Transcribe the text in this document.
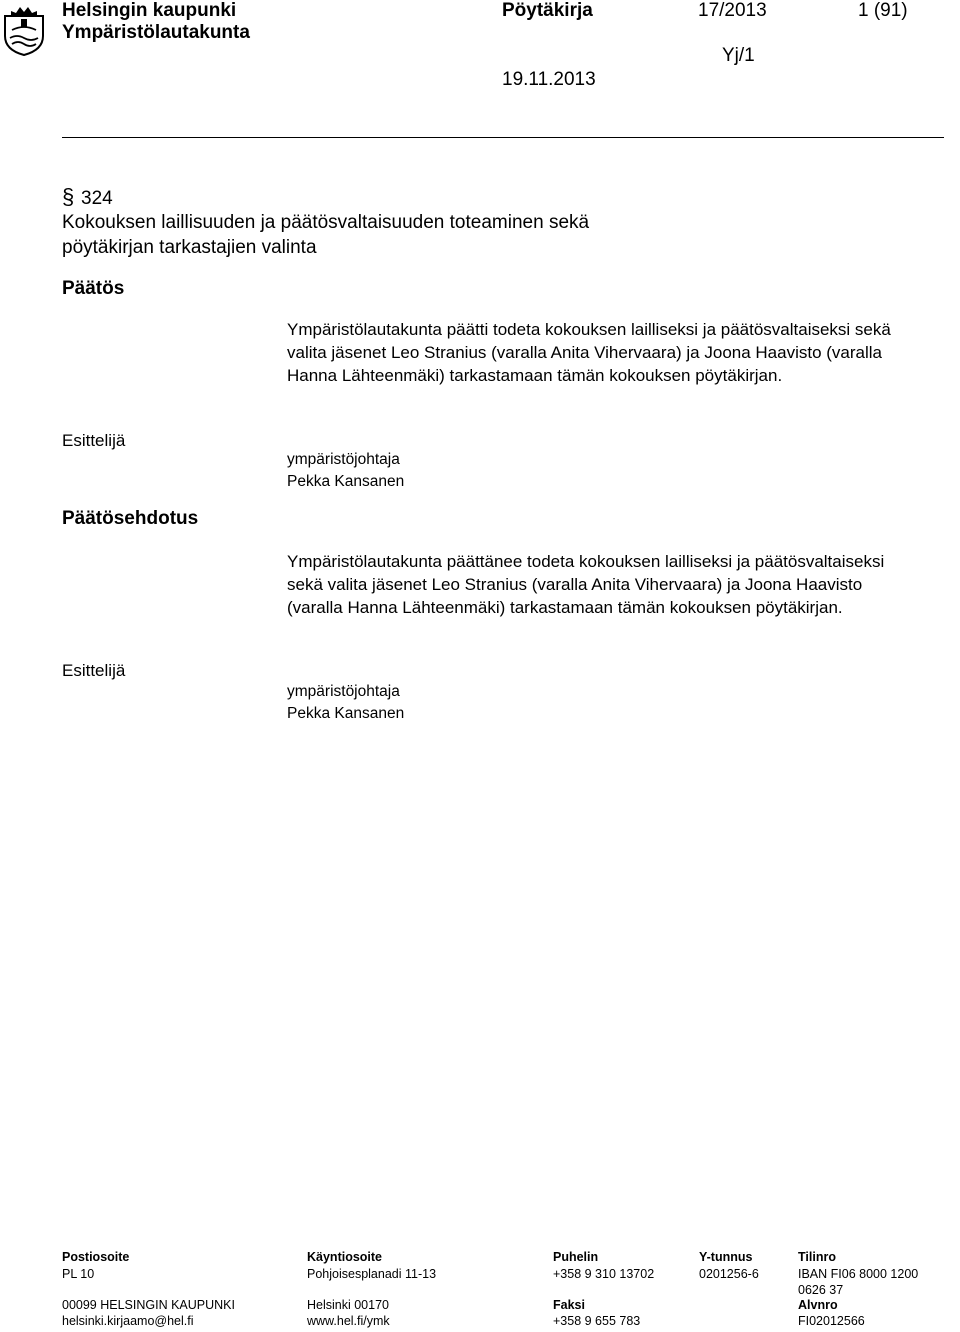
Helsingin kaupunki
Ympäristölautakunta
Pöytäkirja	17/2013	1 (91)
Yj/1
19.11.2013
§ 324
Kokouksen laillisuuden ja päätösvaltaisuuden toteaminen sekä
pöytäkirjan tarkastajien valinta
Päätös
Ympäristölautakunta päätti todeta kokouksen lailliseksi ja päätösvaltaiseksi sekä valita jäsenet Leo Stranius (varalla Anita Vihervaara) ja Joona Haavisto (varalla Hanna Lähteenmäki) tarkastamaan tämän kokouksen pöytäkirjan.
Esittelijä
ympäristöjohtaja
Pekka Kansanen
Päätösehdotus
Ympäristölautakunta päättänee todeta kokouksen lailliseksi ja päätösvaltaiseksi sekä valita jäsenet Leo Stranius (varalla Anita Vihervaara) ja Joona Haavisto (varalla Hanna Lähteenmäki) tarkastamaan tämän kokouksen pöytäkirjan.
Esittelijä
ympäristöjohtaja
Pekka Kansanen
Postiosoite
PL 10
00099 HELSINGIN KAUPUNKI
helsinki.kirjaamo@hel.fi
Käyntiosoite
Pohjoisesplanadi 11-13
Helsinki 00170
www.hel.fi/ymk
Puhelin
+358 9 310 13702
Faksi
+358 9 655 783
Y-tunnus
0201256-6
Tilinro
IBAN FI06 8000 1200
0626 37
Alvnro
FI02012566
